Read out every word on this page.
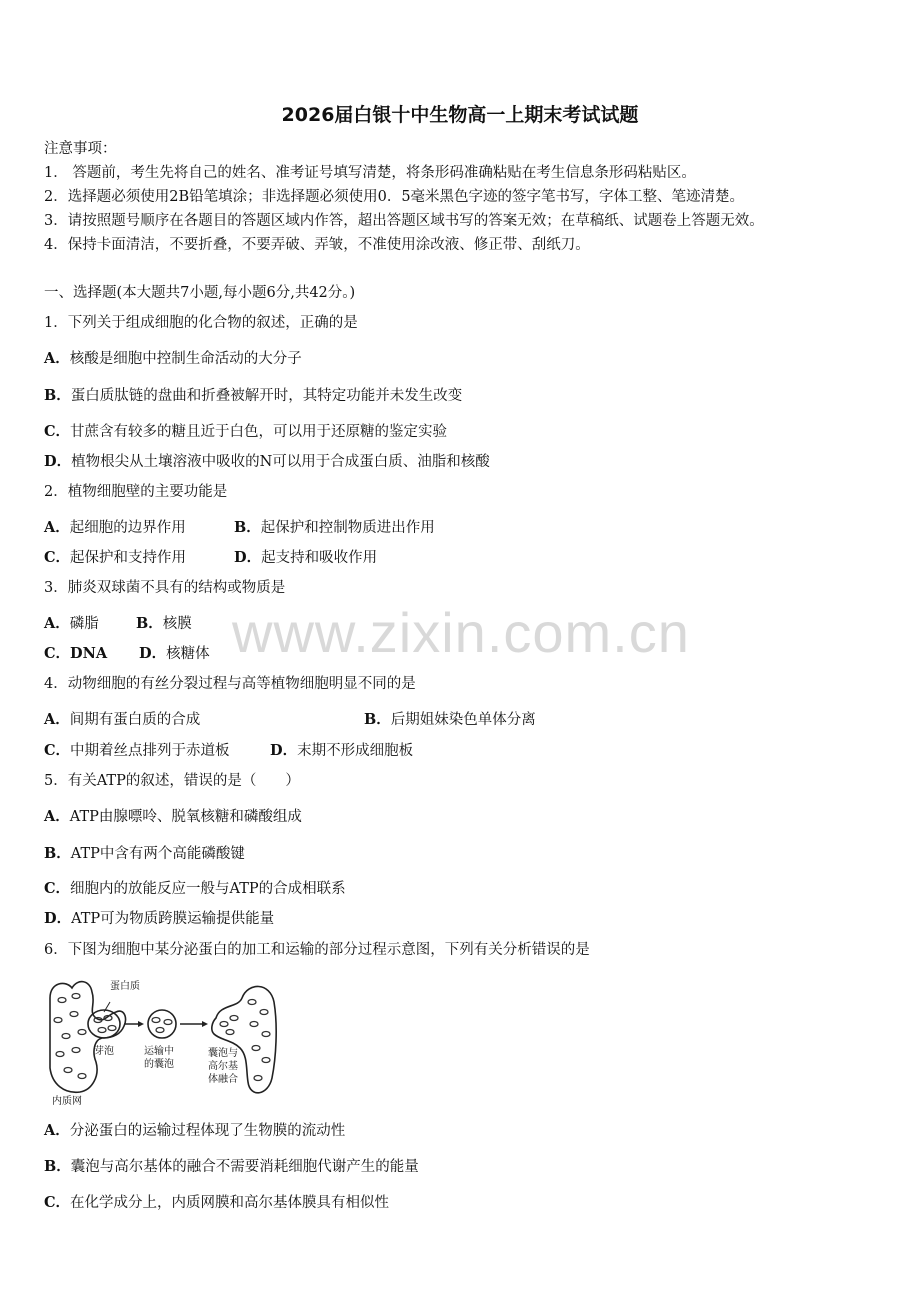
2026届白银十中生物高一上期末考试试题
注意事项：
1． 答题前，考生先将自己的姓名、准考证号填写清楚，将条形码准确粘贴在考生信息条形码粘贴区。
2．选择题必须使用2B铅笔填涂；非选择题必须使用0．5毫米黑色字迹的签字笔书写，字体工整、笔迹清楚。
3．请按照题号顺序在各题目的答题区域内作答，超出答题区域书写的答案无效；在草稿纸、试题卷上答题无效。
4．保持卡面清洁，不要折叠，不要弄破、弄皱，不准使用涂改液、修正带、刮纸刀。
一、选择题(本大题共7小题,每小题6分,共42分。)
1．下列关于组成细胞的化合物的叙述，正确的是
A．核酸是细胞中控制生命活动的大分子
B．蛋白质肽链的盘曲和折叠被解开时，其特定功能并未发生改变
C．甘蔗含有较多的糖且近于白色，可以用于还原糖的鉴定实验
D．植物根尖从土壤溶液中吸收的N可以用于合成蛋白质、油脂和核酸
2．植物细胞壁的主要功能是
A．起细胞的边界作用	B．起保护和控制物质进出作用
C．起保护和支持作用	D．起支持和吸收作用
3．肺炎双球菌不具有的结构或物质是
A．磷脂	B．核膜
C．DNA D．核糖体
4．动物细胞的有丝分裂过程与高等植物细胞明显不同的是
A．间期有蛋白质的合成	B．后期姐妹染色单体分离
C．中期着丝点排列于赤道板	D．末期不形成细胞板
5．有关ATP的叙述，错误的是（　　）
A．ATP由腺嘌呤、脱氧核糖和磷酸组成
B．ATP中含有两个高能磷酸键
C．细胞内的放能反应一般与ATP的合成相联系
D．ATP可为物质跨膜运输提供能量
6．下图为细胞中某分泌蛋白的加工和运输的部分过程示意图，下列有关分析错误的是
蛋白质
芽泡	运输中
的囊泡
囊泡与
高尔基
体融合
内质网
A．分泌蛋白的运输过程体现了生物膜的流动性
B．囊泡与高尔基体的融合不需要消耗细胞代谢产生的能量
C．在化学成分上，内质网膜和高尔基体膜具有相似性
www.zixin.com.cn
